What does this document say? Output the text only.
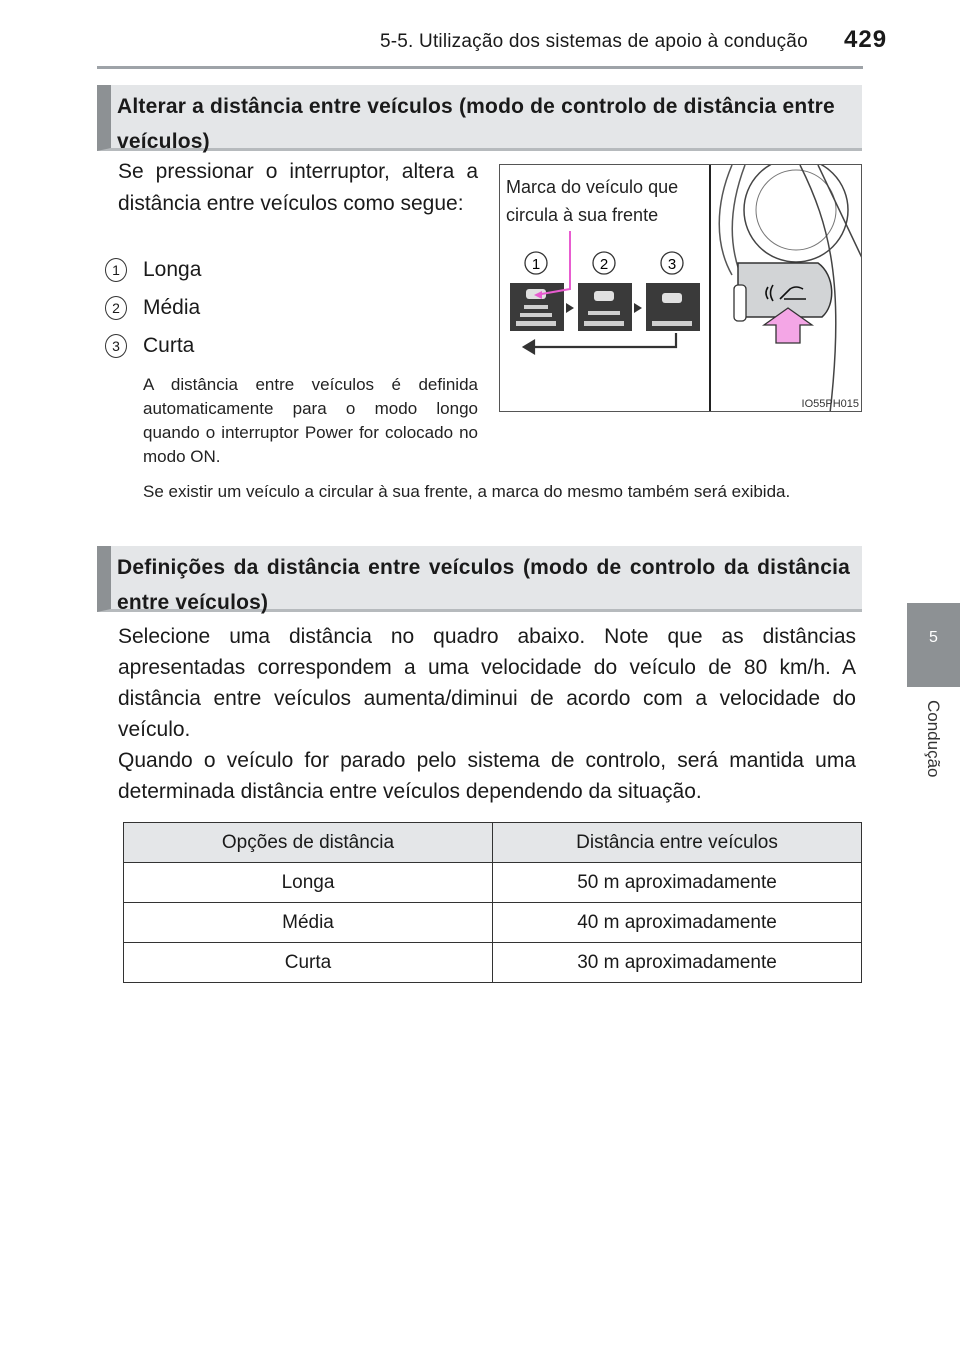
5-5. Utilização dos sistemas de apoio à condução 429
5
Condução
Alterar a distância entre veículos (modo de controlo de distância entre veículos)
Se pressionar o interruptor, altera a distância entre veículos como segue:
1	Longa
2	Média
3	Curta
A distância entre veículos é definida automaticamente para o modo longo quando o interruptor Power for colocado no modo ON.
Se existir um veículo a circular à sua frente, a marca do mesmo também será exibida.
1	2	3
Marca do veículo que circula à sua frente
IO55PH015
Definições da distância entre veículos (modo de controlo da distância entre veículos)
Selecione uma distância no quadro abaixo. Note que as distâncias apresentadas correspondem a uma velocidade do veículo de 80 km/h. A distância entre veículos aumenta/diminui de acordo com a velocidade do veículo.
Quando o veículo for parado pelo sistema de controlo, será mantida uma determinada distância entre veículos dependendo da situação.
Opções de distância	Distância entre veículos
Longa	50 m aproximadamente
Média	40 m aproximadamente
Curta	30 m aproximadamente
